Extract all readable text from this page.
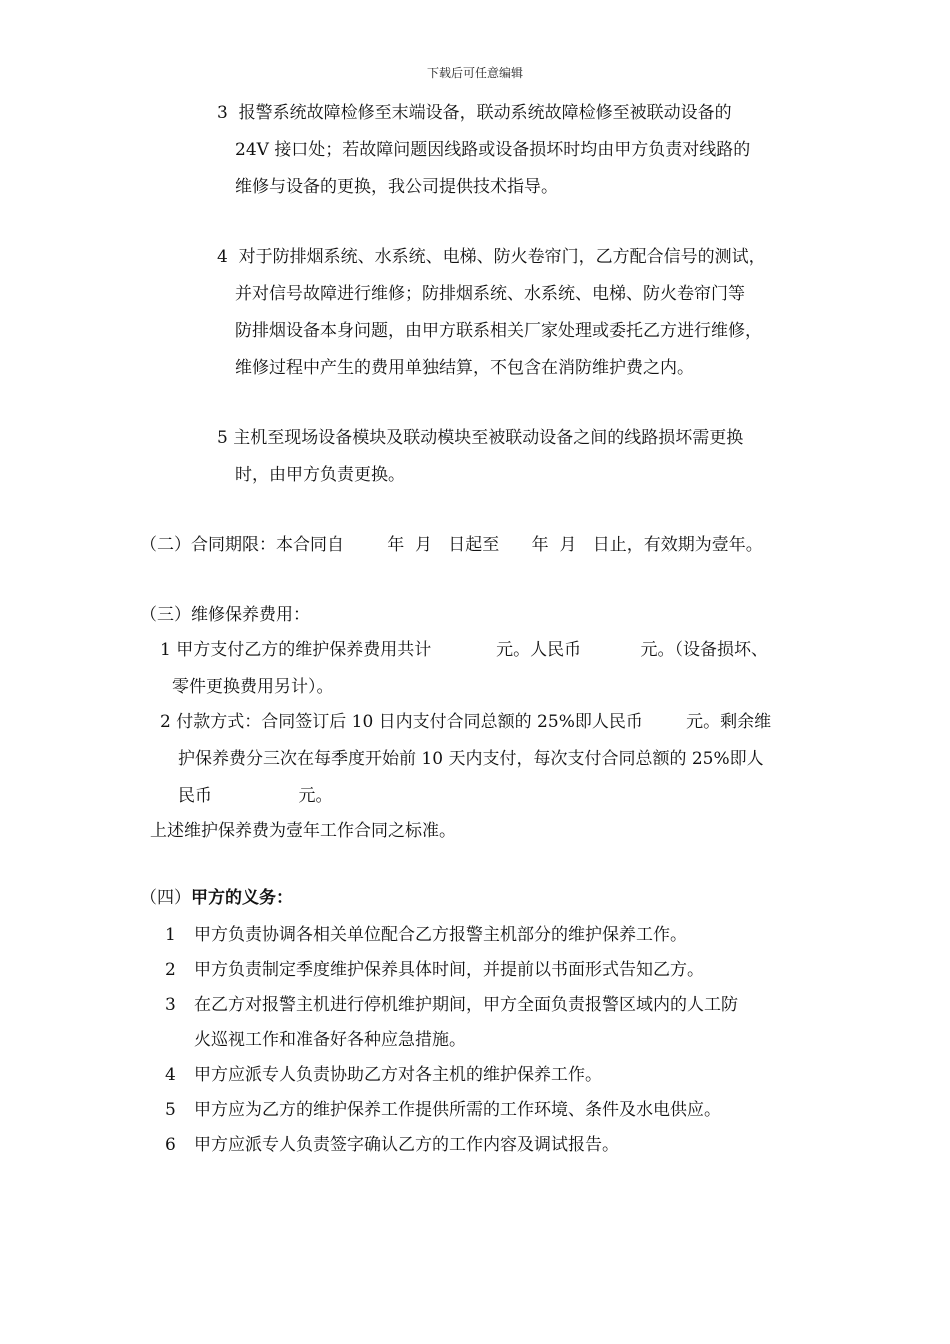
下载后可任意编辑
3  报警系统故障检修至末端设备，联动系统故障检修至被联动设备的
24V 接口处；若故障问题因线路或设备损坏时均由甲方负责对线路的
维修与设备的更换，我公司提供技术指导。
4  对于防排烟系统、水系统、电梯、防火卷帘门，乙方配合信号的测试，
并对信号故障进行维修；防排烟系统、水系统、电梯、防火卷帘门等
防排烟设备本身问题，由甲方联系相关厂家处理或委托乙方进行维修，
维修过程中产生的费用单独结算，不包含在消防维护费之内。
5 主机至现场设备模块及联动模块至被联动设备之间的线路损坏需更换
时，由甲方负责更换。
（二）合同期限：本合同自        年  月   日起至      年  月   日止，有效期为壹年。
（三）维修保养费用：
1 甲方支付乙方的维护保养费用共计            元。人民币           元。（设备损坏、
零件更换费用另计）。
2 付款方式：合同签订后 10 日内支付合同总额的 25%即人民币        元。剩余维
护保养费分三次在每季度开始前 10 天内支付，每次支付合同总额的 25%即人
民币                元。
上述维护保养费为壹年工作合同之标准。
（四）甲方的义务：
1 甲方负责协调各相关单位配合乙方报警主机部分的维护保养工作。
2 甲方负责制定季度维护保养具体时间，并提前以书面形式告知乙方。
3 在乙方对报警主机进行停机维护期间，甲方全面负责报警区域内的人工防
火巡视工作和准备好各种应急措施。
4 甲方应派专人负责协助乙方对各主机的维护保养工作。
5 甲方应为乙方的维护保养工作提供所需的工作环境、条件及水电供应。
6 甲方应派专人负责签字确认乙方的工作内容及调试报告。
